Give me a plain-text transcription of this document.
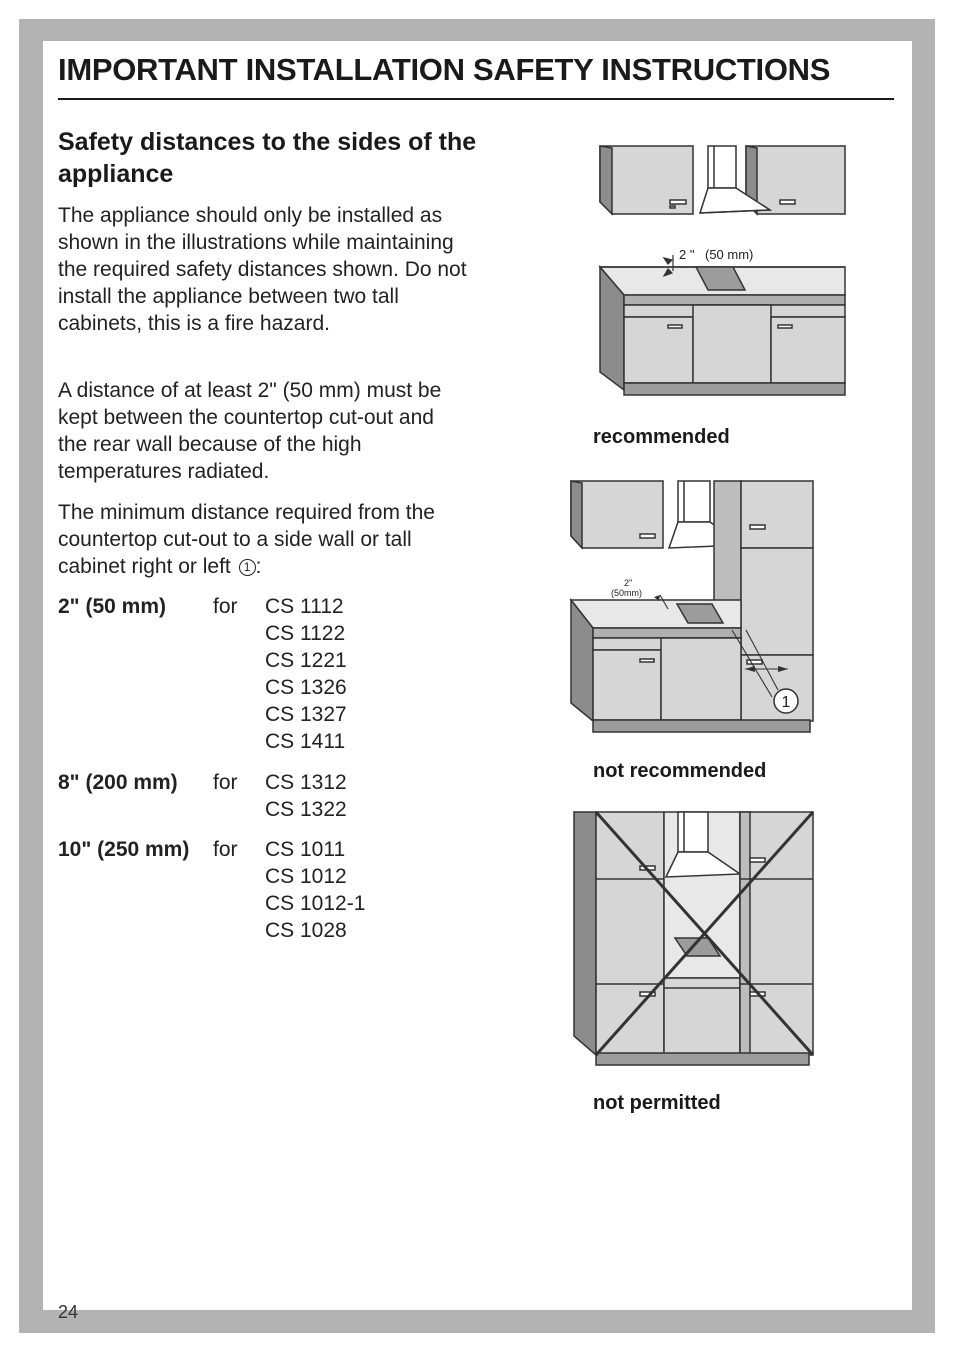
IMPORTANT INSTALLATION SAFETY INSTRUCTIONS
Safety distances to the sides of the appliance

The appliance should only be installed as shown in the illustrations while maintaining the required safety distances shown. Do not install the appliance between two tall cabinets, this is a fire hazard.

A distance of at least 2" (50 mm) must be kept between the countertop cut-out and the rear wall because of the high temperatures radiated.

The minimum distance required from the countertop cut-out to a side wall or tall cabinet right or left 1 :

2" (50 mm) for CS 1112
CS 1122
CS 1221
CS 1326
CS 1327
CS 1411
8" (200 mm) for CS 1312
CS 1322
10" (250 mm) for CS 1011
CS 1012
CS 1012-1
CS 1028
2 " (50 mm)

recommended

1
2"
(50mm)

not recommended

not permitted

24
